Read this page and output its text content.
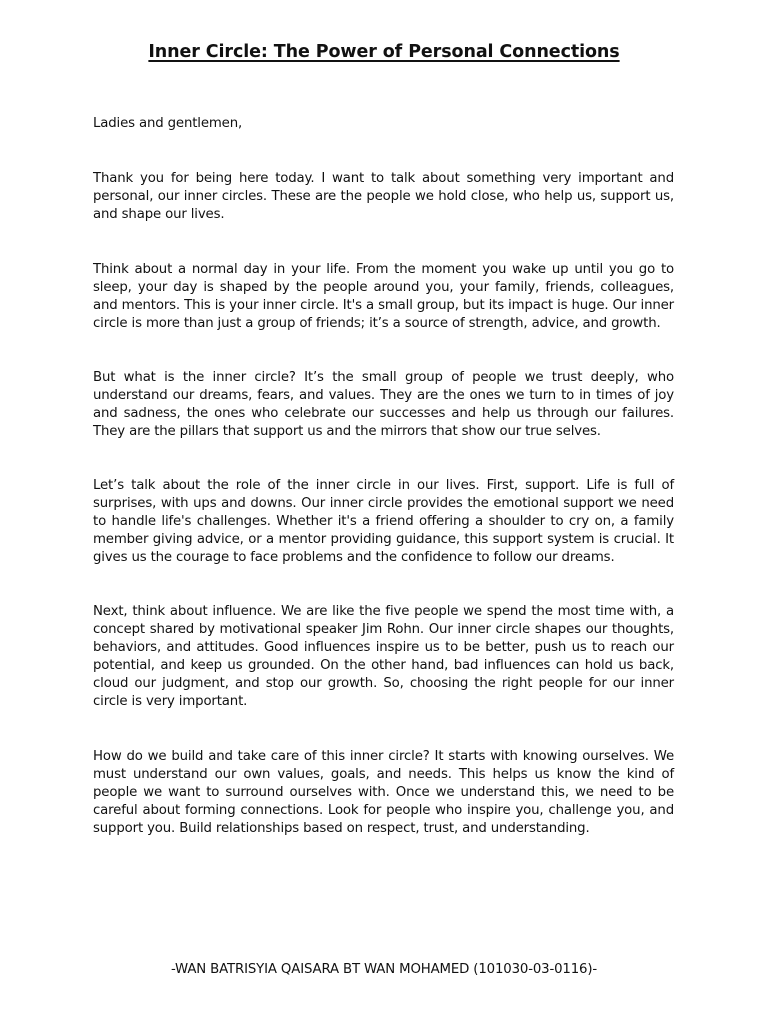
Inner Circle: The Power of Personal Connections

Ladies and gentlemen,

Thank you for being here today. I want to talk about something very important and personal, our inner circles. These are the people we hold close, who help us, support us, and shape our lives.

Think about a normal day in your life. From the moment you wake up until you go to sleep, your day is shaped by the people around you, your family, friends, colleagues, and mentors. This is your inner circle. It's a small group, but its impact is huge. Our inner circle is more than just a group of friends; it’s a source of strength, advice, and growth.

But what is the inner circle? It’s the small group of people we trust deeply, who understand our dreams, fears, and values. They are the ones we turn to in times of joy and sadness, the ones who celebrate our successes and help us through our failures. They are the pillars that support us and the mirrors that show our true selves.

Let’s talk about the role of the inner circle in our lives. First, support. Life is full of surprises, with ups and downs. Our inner circle provides the emotional support we need to handle life's challenges. Whether it's a friend offering a shoulder to cry on, a family member giving advice, or a mentor providing guidance, this support system is crucial. It gives us the courage to face problems and the confidence to follow our dreams.

Next, think about influence. We are like the five people we spend the most time with, a concept shared by motivational speaker Jim Rohn. Our inner circle shapes our thoughts, behaviors, and attitudes. Good influences inspire us to be better, push us to reach our potential, and keep us grounded. On the other hand, bad influences can hold us back, cloud our judgment, and stop our growth. So, choosing the right people for our inner circle is very important.

How do we build and take care of this inner circle? It starts with knowing ourselves. We must understand our own values, goals, and needs. This helps us know the kind of people we want to surround ourselves with. Once we understand this, we need to be careful about forming connections. Look for people who inspire you, challenge you, and support you. Build relationships based on respect, trust, and understanding.

-WAN BATRISYIA QAISARA BT WAN MOHAMED (101030-03-0116)-
